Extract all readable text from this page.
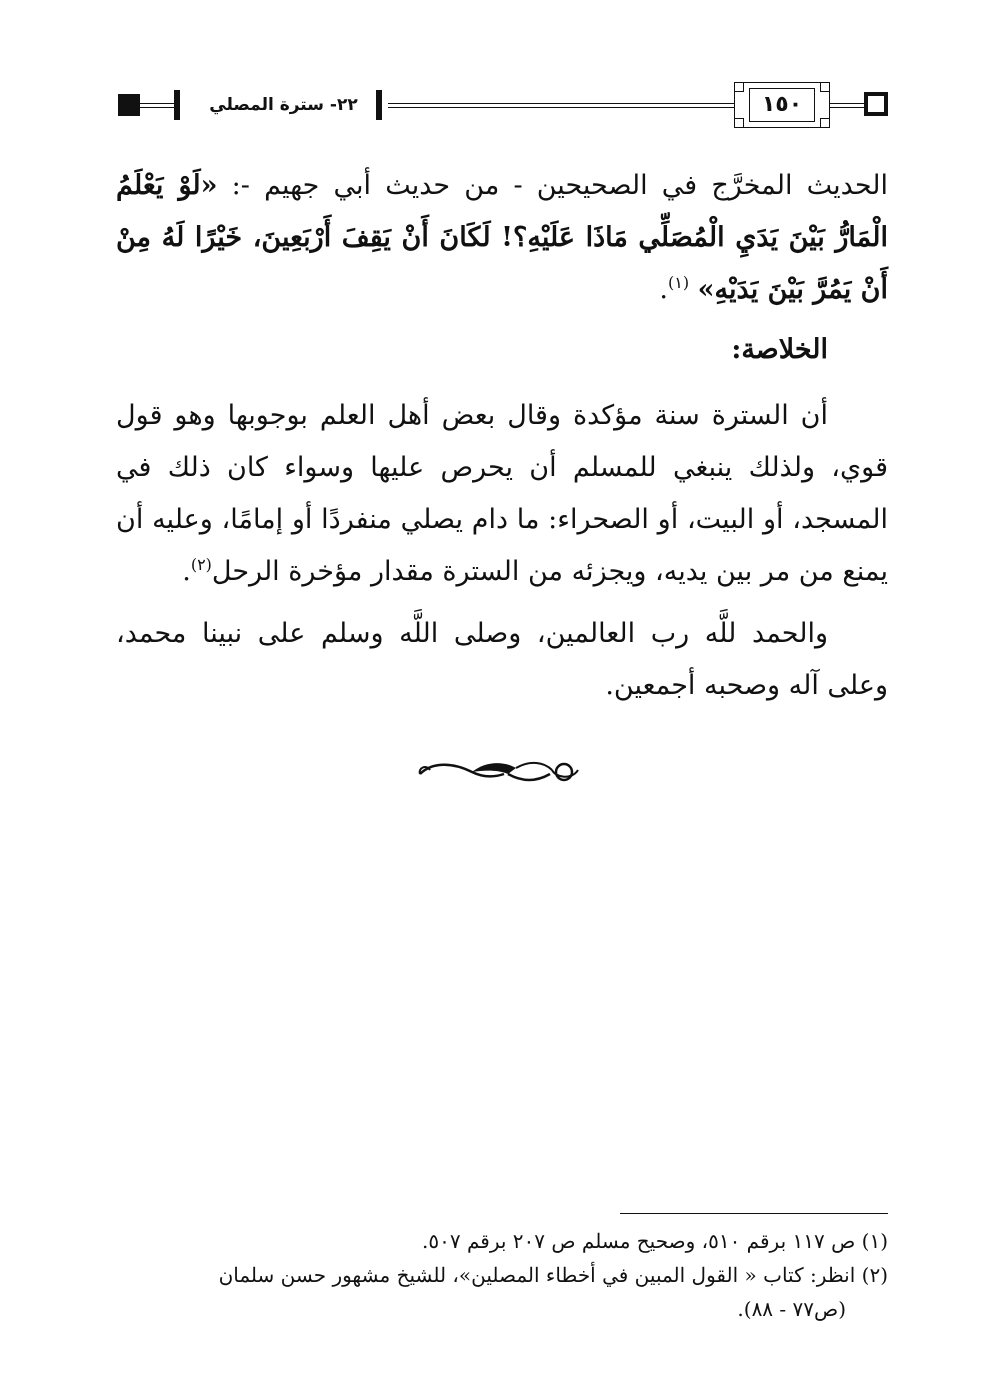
٢٢- سترة المصلي	١٥٠

الحديث المخرَّج في الصحيحين - من حديث أبي جهيم -: «لَوْ يَعْلَمُ الْمَارُّ بَيْنَ يَدَيِ الْمُصَلِّي مَاذَا عَلَيْهِ؟! لَكَانَ أَنْ يَقِفَ أَرْبَعِينَ، خَيْرًا لَهُ مِنْ أَنْ يَمُرَّ بَيْنَ يَدَيْهِ» $^{(١)}$.

الخلاصة:

أن السترة سنة مؤكدة وقال بعض أهل العلم بوجوبها وهو قول قوي، ولذلك ينبغي للمسلم أن يحرص عليها وسواء كان ذلك في المسجد، أو البيت، أو الصحراء: ما دام يصلي منفردًا أو إمامًا، وعليه أن يمنع من مر بين يديه، ويجزئه من السترة مقدار مؤخرة الرحل$^{(٢)}$.

والحمد للَّه رب العالمين، وصلى اللَّه وسلم على نبينا محمد، وعلى آله وصحبه أجمعين.

(١) ص ١١٧ برقم ٥١٠، وصحيح مسلم ص ٢٠٧ برقم ٥٠٧.

(٢) انظر: كتاب « القول المبين في أخطاء المصلين»، للشيخ مشهور حسن سلمان

(ص٧٧ - ٨٨).
